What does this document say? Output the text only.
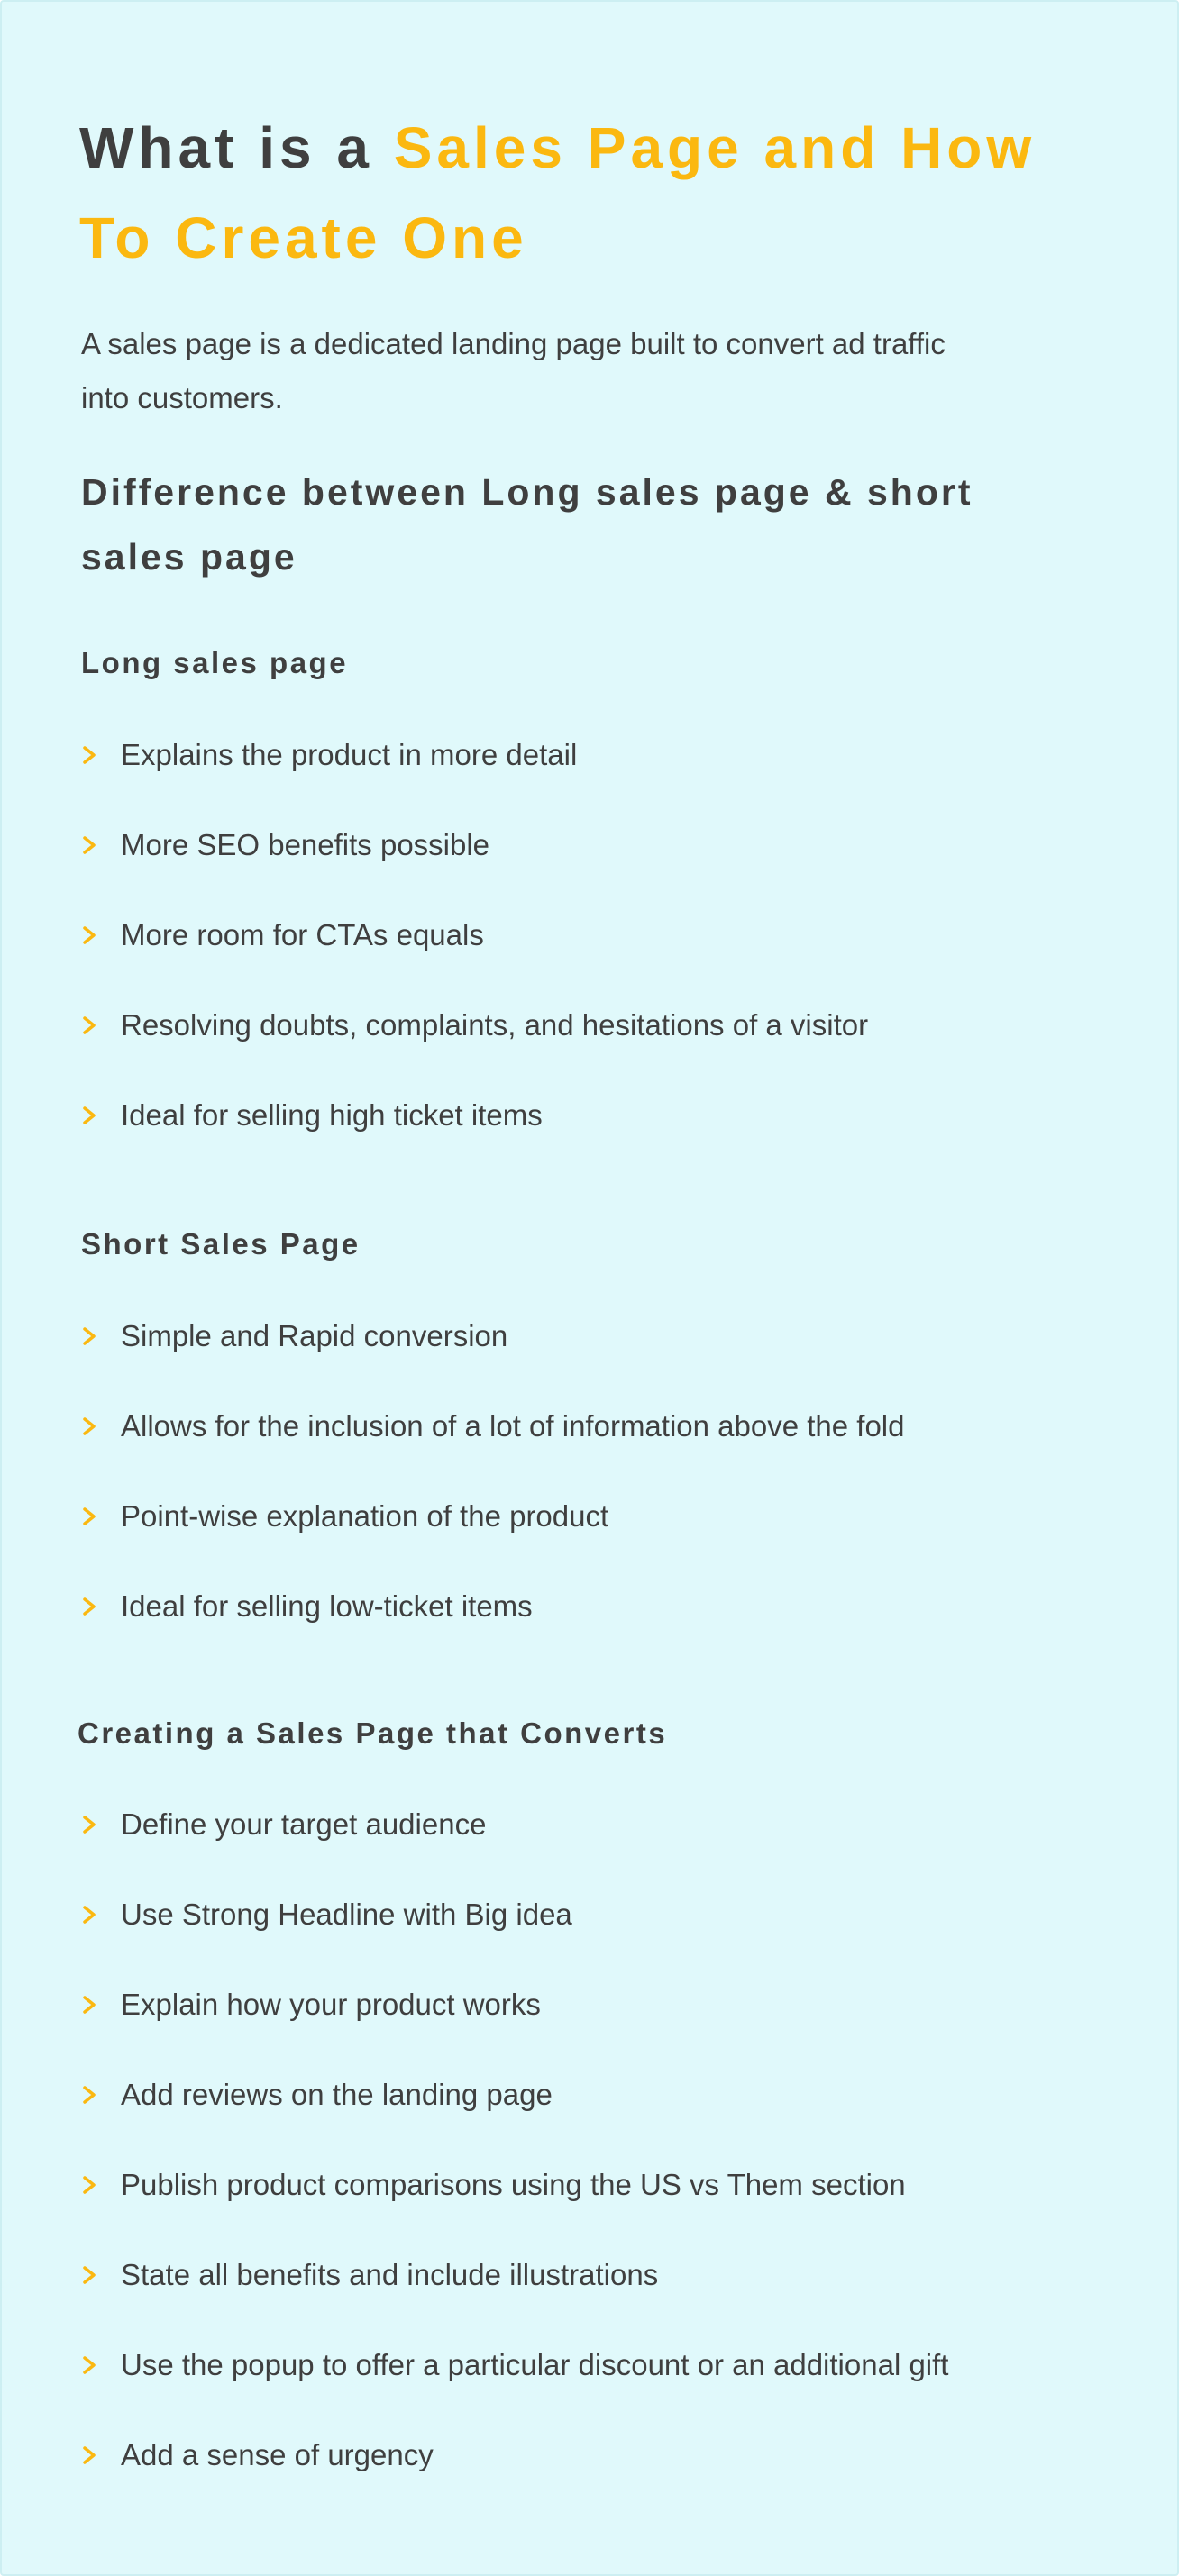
What is a Sales Page and How To Create One

A sales page is a dedicated landing page built to convert ad traffic into customers.

Difference between Long sales page & short sales page
Long sales page
Explains the product in more detail
More SEO benefits possible
More room for CTAs equals
Resolving doubts, complaints, and hesitations of a visitor
Ideal for selling high ticket items
Short Sales Page
Simple and Rapid conversion
Allows for the inclusion of a lot of information above the fold
Point-wise explanation of the product
Ideal for selling low-ticket items
Creating a Sales Page that Converts
Define your target audience
Use Strong Headline with Big idea
Explain how your product works
Add reviews on the landing page
Publish product comparisons using the US vs Them section
State all benefits and include illustrations
Use the popup to offer a particular discount or an additional gift
Add a sense of urgency
